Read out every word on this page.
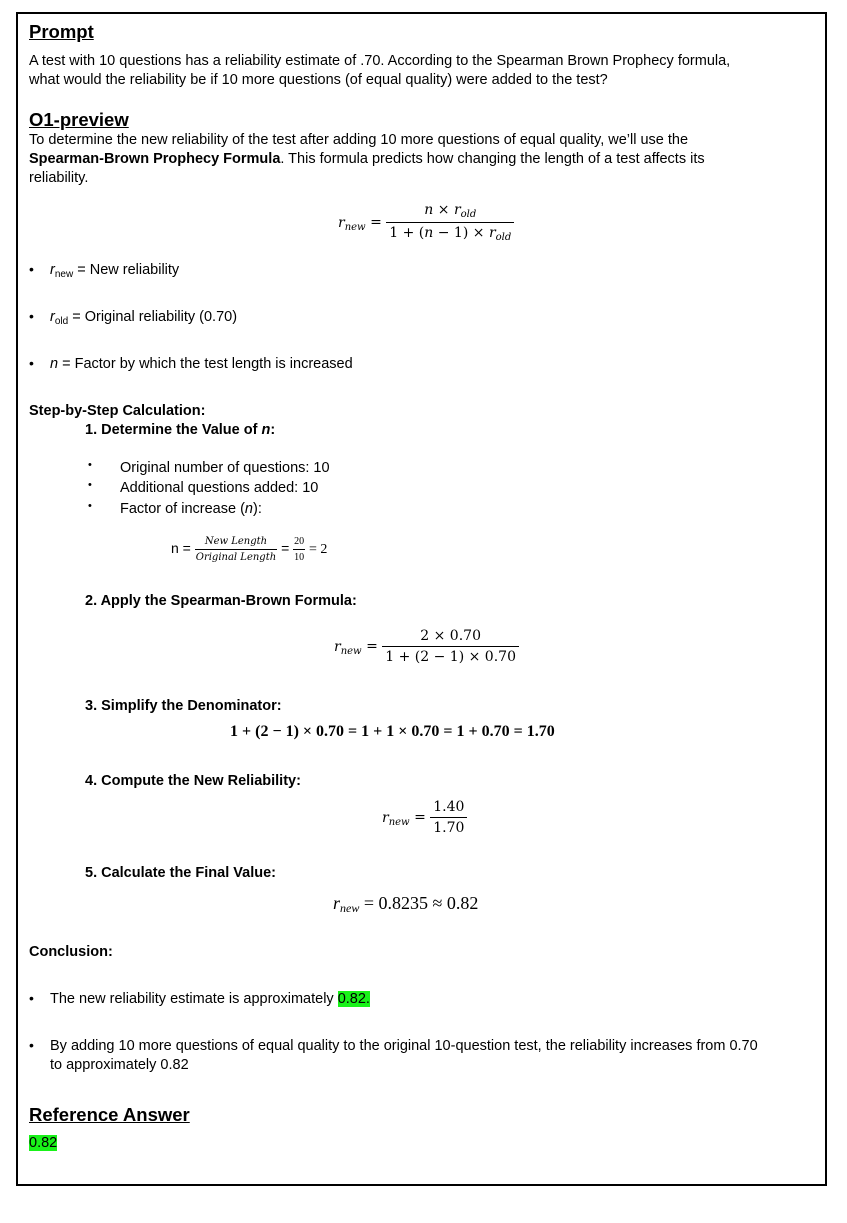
Prompt
A test with 10 questions has a reliability estimate of .70. According to the Spearman Brown Prophecy formula,
what would the reliability be if 10 more questions (of equal quality) were added to the test?
O1-preview
To determine the new reliability of the test after adding 10 more questions of equal quality, we’ll use the
Spearman-Brown Prophecy Formula. This formula predicts how changing the length of a test affects its
reliability.
$r_{new} = \frac{n \times r_{old}}{1 + (n - 1) \times r_{old}}$
• $r_{new}$ = New reliability
• $r_{old}$ = Original reliability (0.70)
• n = Factor by which the test length is increased
Step-by-Step Calculation:
1. Determine the Value of n:
• Original number of questions: 10
• Additional questions added: 10
• Factor of increase (n):
$n = \frac{\text{New Length}}{\text{Original Length}} = \frac{20}{10} = 2$
2. Apply the Spearman-Brown Formula:
$r_{new} = \frac{2 \times 0.70}{1 + (2 - 1) \times 0.70}$
3. Simplify the Denominator:
1 + (2 − 1) × 0.70 = 1 + 1 × 0.70 = 1 + 0.70 = 1.70
4. Compute the New Reliability:
$r_{new} = \frac{1.40}{1.70}$
5. Calculate the Final Value:
$r_{new} = 0.8235 \approx 0.82$
Conclusion:
• The new reliability estimate is approximately 0.82.
• By adding 10 more questions of equal quality to the original 10-question test, the reliability increases from 0.70
to approximately 0.82
Reference Answer
0.82
